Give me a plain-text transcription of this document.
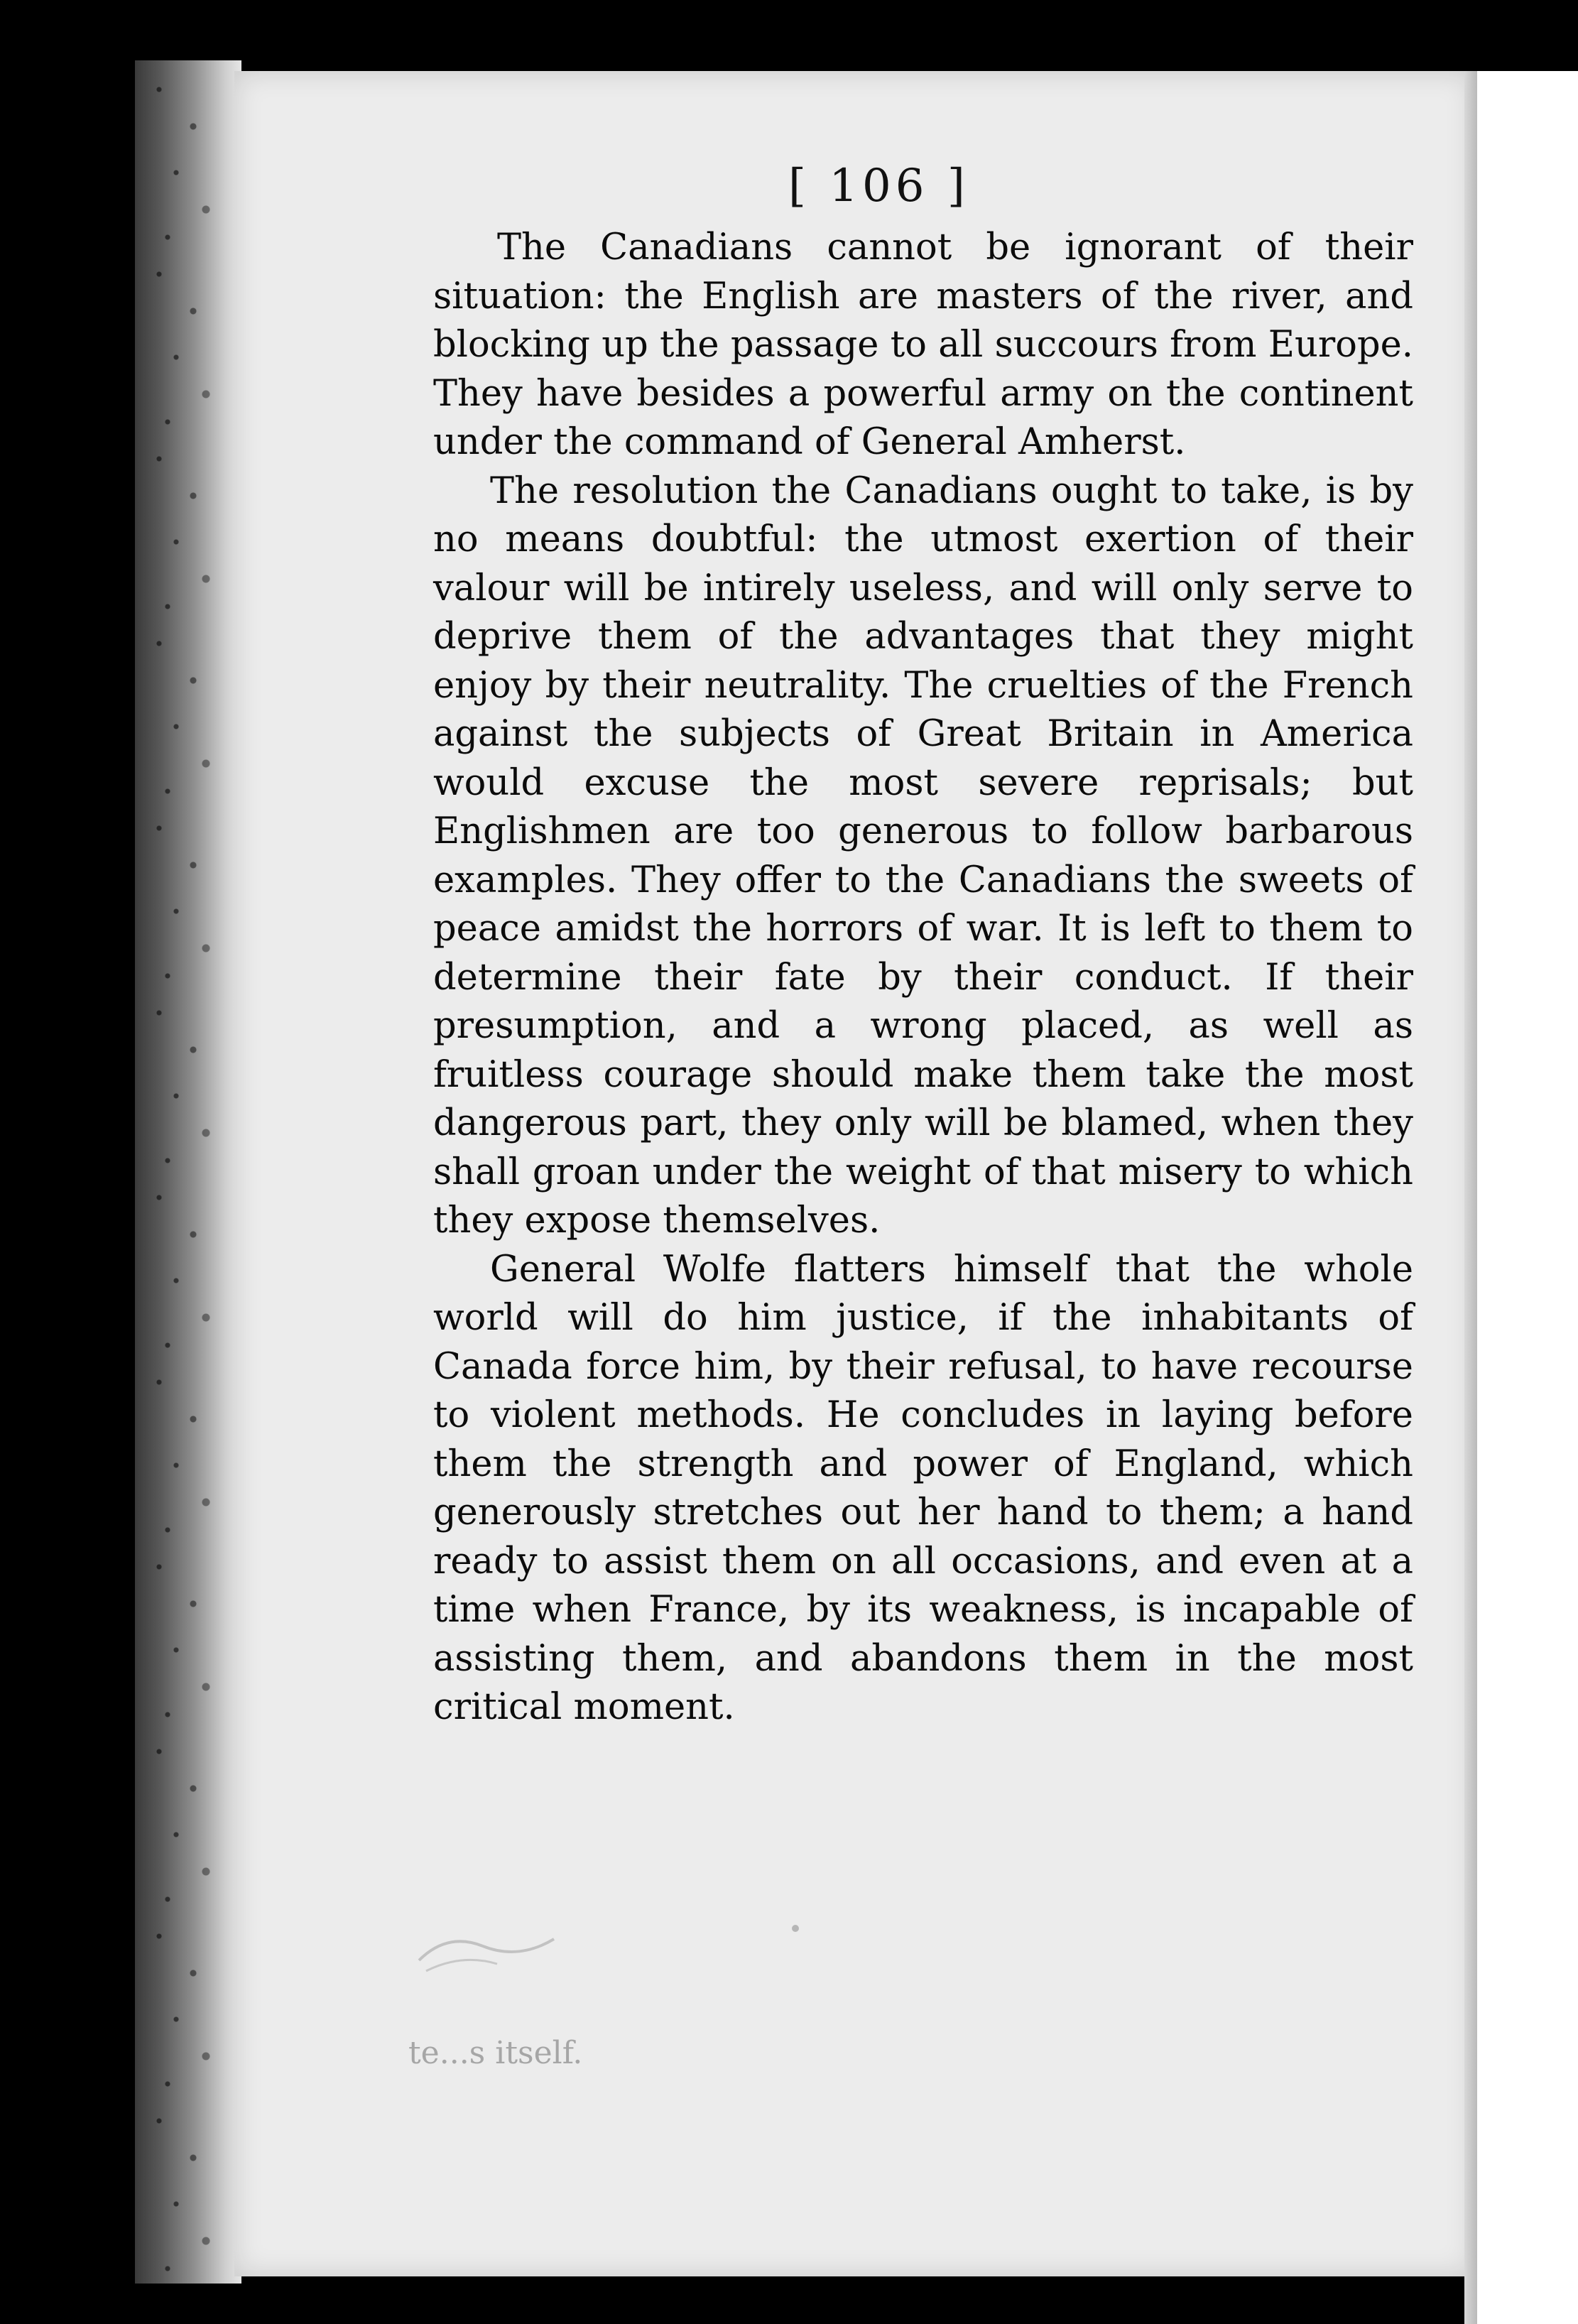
[ 106 ]

The Canadians cannot be ignorant of their situation: the English are masters of the river, and blocking up the passage to all succours from Europe. They have besides a powerful army on the continent under the command of General Amherst.

The resolution the Canadians ought to take, is by no means doubtful: the utmost exertion of their valour will be intirely useless, and will only serve to deprive them of the advantages that they might enjoy by their neutrality. The cruelties of the French against the subjects of Great Britain in America would excuse the most severe reprisals; but Englishmen are too generous to follow barbarous examples. They offer to the Canadians the sweets of peace amidst the horrors of war. It is left to them to determine their fate by their conduct. If their presumption, and a wrong placed, as well as fruitless courage should make them take the most dangerous part, they only will be blamed, when they shall groan under the weight of that misery to which they expose themselves.

General Wolfe flatters himself that the whole world will do him justice, if the inhabitants of Canada force him, by their refusal, to have recourse to violent methods. He concludes in laying before them the strength and power of England, which generously stretches out her hand to them; a hand ready to assist them on all occasions, and even at a time when France, by its weakness, is incapable of assisting them, and abandons them in the most critical moment.

te...s itself.
